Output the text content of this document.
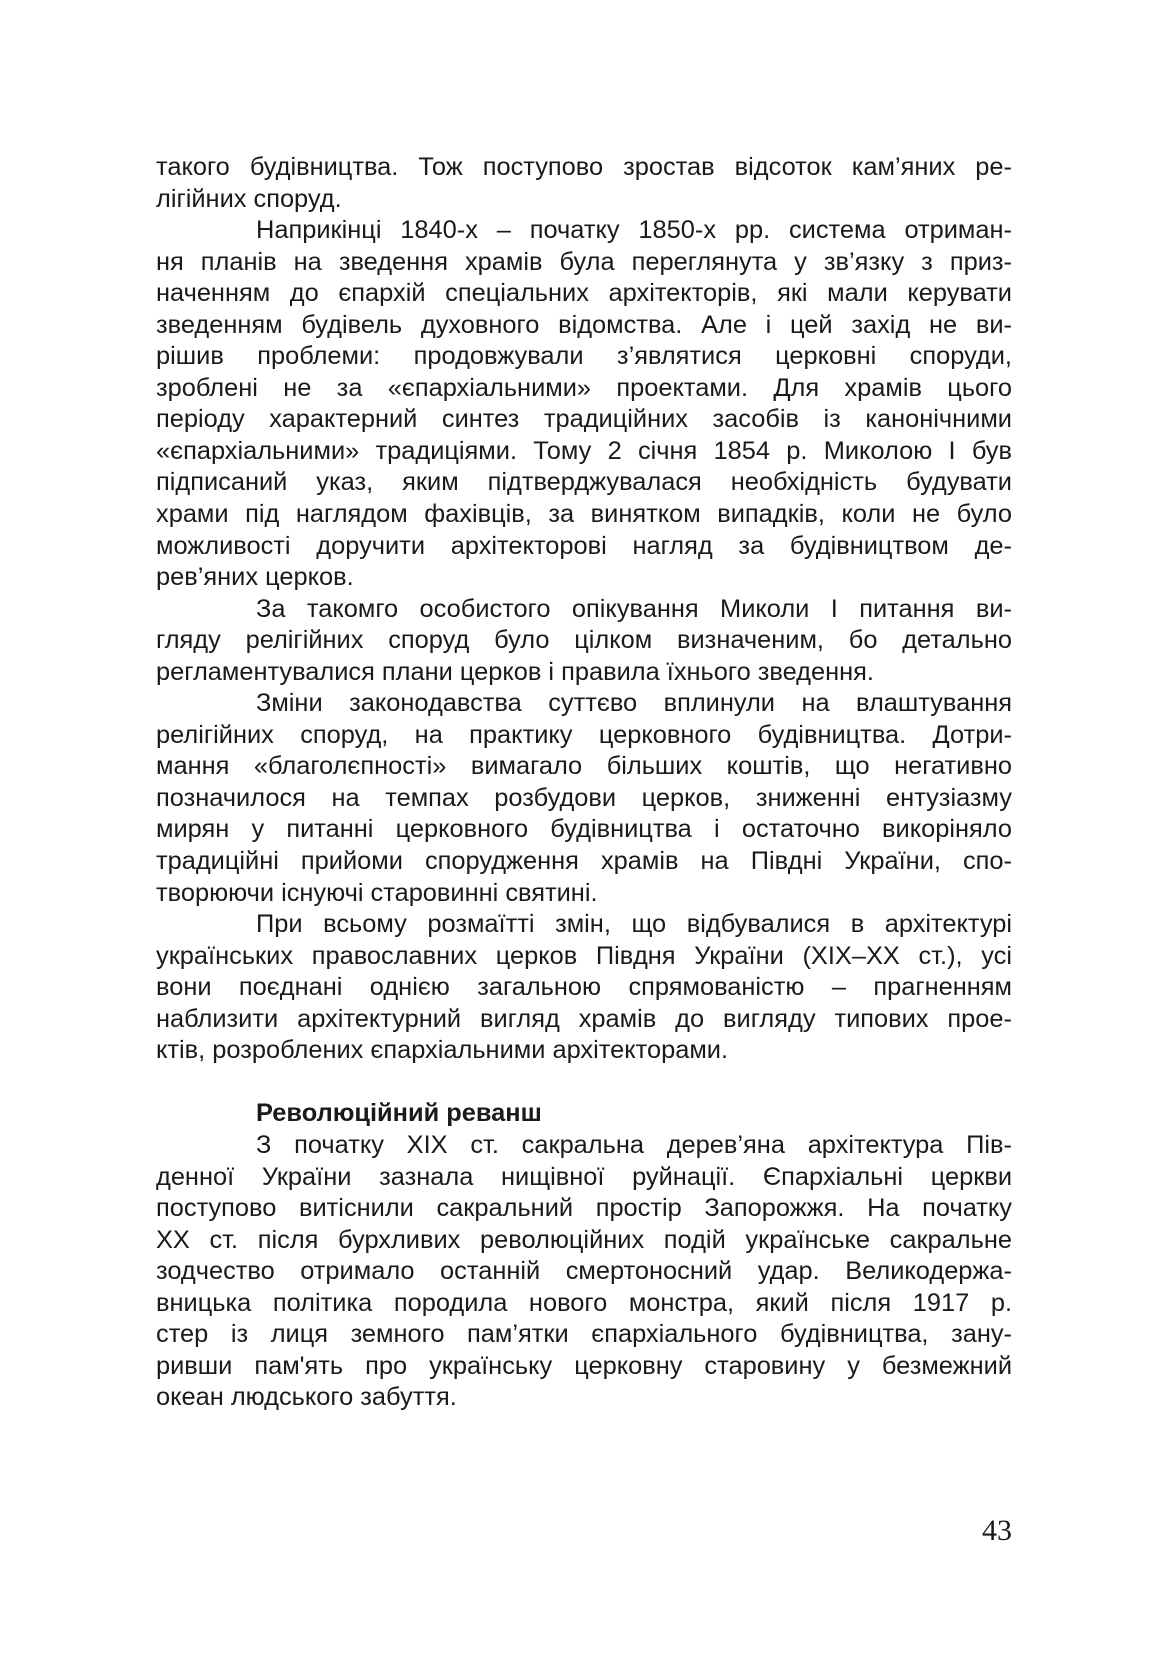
такого будівництва. Тож поступово зростав відсоток кам’яних ре-
лігійних споруд.
Наприкінці 1840-х – початку 1850-х рр. система отриман-
ня планів на зведення храмів була переглянута у зв’язку з приз-
наченням до єпархій спеціальних архітекторів, які мали керувати
зведенням будівель духовного відомства. Але і цей захід не ви-
рішив проблеми: продовжували з’являтися церковні споруди,
зроблені не за «єпархіальними» проектами. Для храмів цього
періоду характерний синтез традиційних засобів із канонічними
«єпархіальними» традиціями. Тому 2 січня 1854 р. Миколою I був
підписаний указ, яким підтверджувалася необхідність будувати
храми під наглядом фахівців, за винятком випадків, коли не було
можливості доручити архітекторові нагляд за будівництвом де-
рев’яних церков.
За такомго особистого опікування Миколи I питання ви-
гляду релігійних споруд було цілком визначеним, бо детально
регламентувалися плани церков і правила їхнього зведення.
Зміни законодавства суттєво вплинули на влаштування
релігійних споруд, на практику церковного будівництва. Дотри-
мання «благолєпності» вимагало більших коштів, що негативно
позначилося на темпах розбудови церков, зниженні ентузіазму
мирян у питанні церковного будівництва і остаточно викоріняло
традиційні прийоми спорудження храмів на Півдні України, спо-
творюючи існуючі старовинні святині.
При всьому розмаїтті змін, що відбувалися в архітектурі
українських православних церков Півдня України (XIX–XX ст.), усі
вони поєднані однією загальною спрямованістю – прагненням
наблизити архітектурний вигляд храмів до вигляду типових прое-
ктів, розроблених єпархіальними архітекторами.
Революційний реванш
З початку XIX ст. сакральна дерев’яна архітектура Пів-
денної України зазнала нищівної руйнації. Єпархіальні церкви
поступово витіснили сакральний простір Запорожжя. На початку
XX ст. після бурхливих революційних подій українське сакральне
зодчество отримало останній смертоносний удар. Великодержа-
вницька політика породила нового монстра, який після 1917 р.
стер із лиця земного пам’ятки єпархіального будівництва, зану-
ривши пам'ять про українську церковну старовину у безмежний
океан людського забуття.
43
